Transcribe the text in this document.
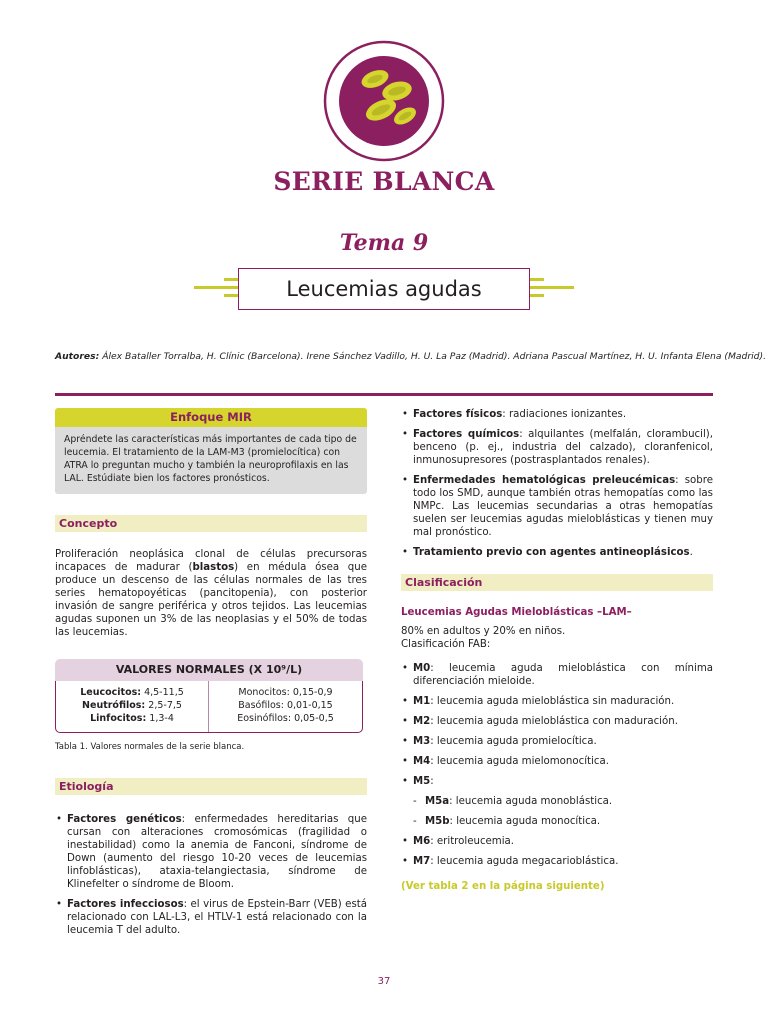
SERIE BLANCA
Tema 9
Leucemias agudas
Autores: Álex Bataller Torralba, H. Clínic (Barcelona). Irene Sánchez Vadillo, H. U. La Paz (Madrid). Adriana Pascual Martínez, H. U. Infanta Elena (Madrid).
Enfoque MIR
Apréndete las características más importantes de cada tipo de leucemia. El tratamiento de la LAM-M3 (promielocítica) con ATRA lo preguntan mucho y también la neuroprofilaxis en las LAL. Estúdiate bien los factores pronósticos.
Concepto

Proliferación neoplásica clonal de células precursoras incapaces de madurar (blastos) en médula ósea que produce un descenso de las células normales de las tres series hematopoyéticas (pancitopenia), con posterior invasión de sangre periférica y otros tejidos. Las leucemias agudas suponen un 3% de las neoplasias y el 50% de todas las leucemias.

VALORES NORMALES (X 10⁹/L)
Leucocitos: 4,5-11,5
Neutrófilos: 2,5-7,5
Linfocitos: 1,3-4
Monocitos: 0,15-0,9
Basófilos: 0,01-0,15
Eosinófilos: 0,05-0,5
Tabla 1. Valores normales de la serie blanca.
Etiología
• Factores genéticos: enfermedades hereditarias que cursan con alteraciones cromosómicas (fragilidad o inestabilidad) como la anemia de Fanconi, síndrome de Down (aumento del riesgo 10-20 veces de leucemias linfoblásticas), ataxia-telangiectasia, síndrome de Klinefelter o síndrome de Bloom.
• Factores infecciosos: el virus de Epstein-Barr (VEB) está relacionado con LAL-L3, el HTLV-1 está relacionado con la leucemia T del adulto.
• Factores físicos: radiaciones ionizantes.
• Factores químicos: alquilantes (melfalán, clorambucil), benceno (p. ej., industria del calzado), cloranfenicol, inmunosupresores (postrasplantados renales).
• Enfermedades hematológicas preleucémicas: sobre todo los SMD, aunque también otras hemopatías como las NMPc. Las leucemias secundarias a otras hemopatías suelen ser leucemias agudas mieloblásticas y tienen muy mal pronóstico.
• Tratamiento previo con agentes antineoplásicos.
Clasificación
Leucemias Agudas Mieloblásticas –LAM–
80% en adultos y 20% en niños.
Clasificación FAB:
• M0: leucemia aguda mieloblástica con mínima diferenciación mieloide.
• M1: leucemia aguda mieloblástica sin maduración.
• M2: leucemia aguda mieloblástica con maduración.
• M3: leucemia aguda promielocítica.
• M4: leucemia aguda mielomonocítica.
• M5:
- M5a: leucemia aguda monoblástica.
- M5b: leucemia aguda monocítica.
• M6: eritroleucemia.
• M7: leucemia aguda megacarioblástica.
(Ver tabla 2 en la página siguiente)
37
